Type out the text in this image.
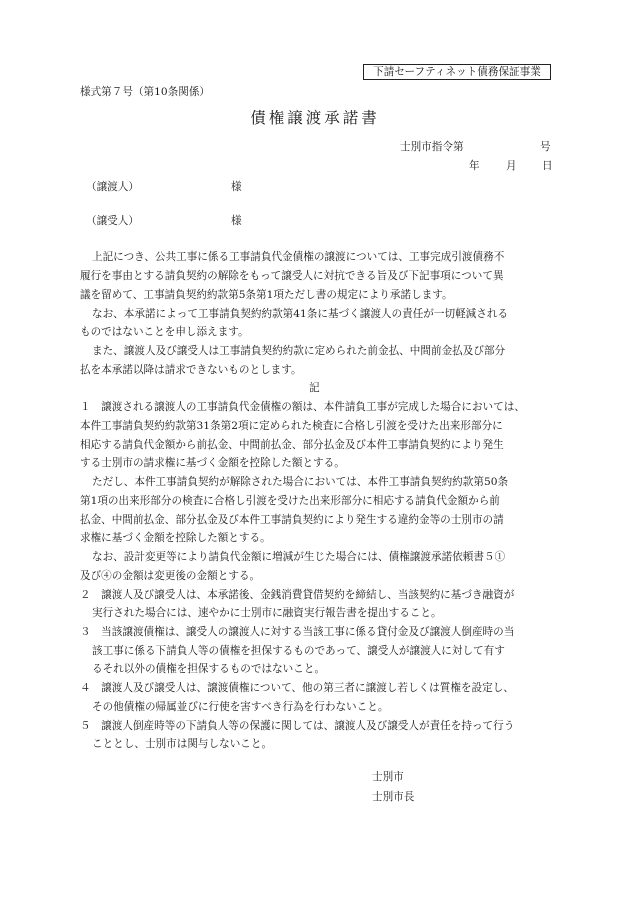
下請セーフティネット債務保証事業
様式第７号（第10条関係）
債権譲渡承諾書
士別市指令第	号
年 月 日
（譲渡人）	様
（譲受人）	様
上記につき、公共工事に係る工事請負代金債権の譲渡については、工事完成引渡債務不
履行を事由とする請負契約の解除をもって譲受人に対抗できる旨及び下記事項について異
議を留めて、工事請負契約約款第5条第1項ただし書の規定により承諾します。
なお、本承諾によって工事請負契約約款第41条に基づく譲渡人の責任が一切軽減される
ものではないことを申し添えます。
また、譲渡人及び譲受人は工事請負契約約款に定められた前金払、中間前金払及び部分
払を本承諾以降は請求できないものとします。
記
１　譲渡される譲渡人の工事請負代金債権の額は、本件請負工事が完成した場合においては、
本件工事請負契約約款第31条第2項に定められた検査に合格し引渡を受けた出来形部分に
相応する請負代金額から前払金、中間前払金、部分払金及び本件工事請負契約により発生
する士別市の請求権に基づく金額を控除した額とする。
ただし、本件工事請負契約が解除された場合においては、本件工事請負契約約款第50条
第1項の出来形部分の検査に合格し引渡を受けた出来形部分に相応する請負代金額から前
払金、中間前払金、部分払金及び本件工事請負契約により発生する違約金等の士別市の請
求権に基づく金額を控除した額とする。
なお、設計変更等により請負代金額に増減が生じた場合には、債権譲渡承諾依頼書５①
及び④の金額は変更後の金額とする。
２　譲渡人及び譲受人は、本承諾後、金銭消費貸借契約を締結し、当該契約に基づき融資が
実行された場合には、速やかに士別市に融資実行報告書を提出すること。
３　当該譲渡債権は、譲受人の譲渡人に対する当該工事に係る貸付金及び譲渡人倒産時の当
該工事に係る下請負人等の債権を担保するものであって、譲受人が譲渡人に対して有す
るそれ以外の債権を担保するものではないこと。
４　譲渡人及び譲受人は、譲渡債権について、他の第三者に譲渡し若しくは質権を設定し、
その他債権の帰属並びに行使を害すべき行為を行わないこと。
５　譲渡人倒産時等の下請負人等の保護に関しては、譲渡人及び譲受人が責任を持って行う
こととし、士別市は関与しないこと。
士別市
士別市長
